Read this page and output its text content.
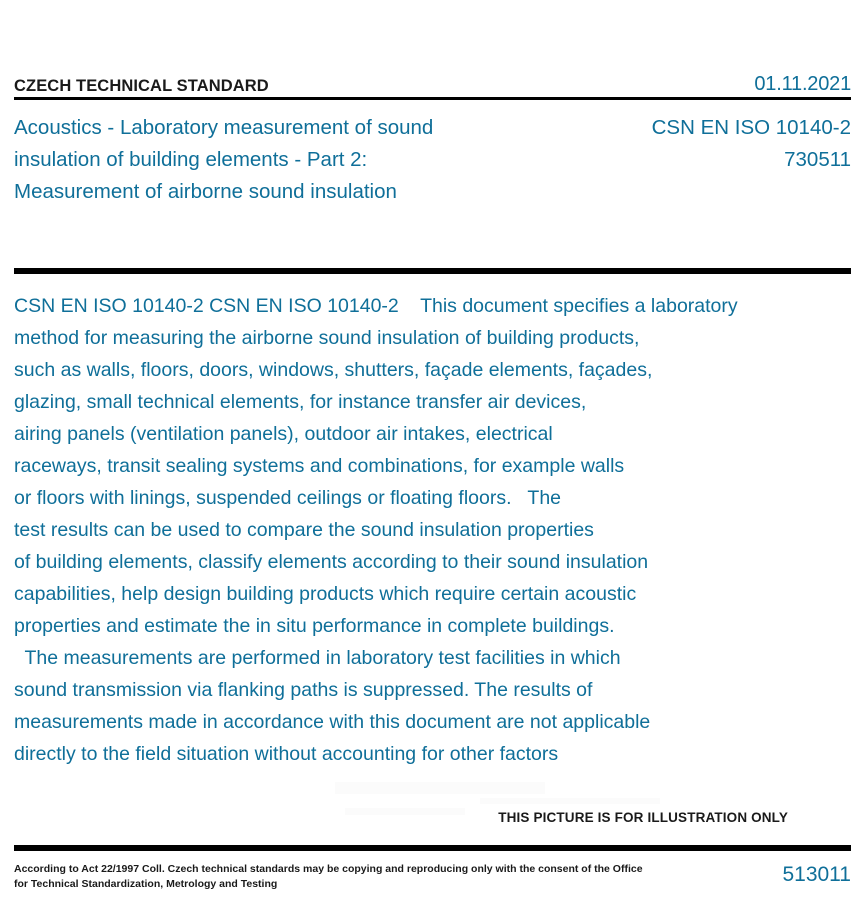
CZECH TECHNICAL STANDARD	01.11.2021
Acoustics - Laboratory measurement of sound
insulation of building elements - Part 2:
Measurement of airborne sound insulation
CSN EN ISO 10140-2
730511
CSN EN ISO 10140-2 CSN EN ISO 10140-2    This document specifies a laboratory
method for measuring the airborne sound insulation of building products,
such as walls, floors, doors, windows, shutters, façade elements, façades,
glazing, small technical elements, for instance transfer air devices,
airing panels (ventilation panels), outdoor air intakes, electrical
raceways, transit sealing systems and combinations, for example walls
or floors with linings, suspended ceilings or floating floors.   The
test results can be used to compare the sound insulation properties
of building elements, classify elements according to their sound insulation
capabilities, help design building products which require certain acoustic
properties and estimate the in situ performance in complete buildings.
The measurements are performed in laboratory test facilities in which
sound transmission via flanking paths is suppressed. The results of
measurements made in accordance with this document are not applicable
directly to the field situation without accounting for other factors
THIS PICTURE IS FOR ILLUSTRATION ONLY
According to Act 22/1997 Coll. Czech technical standards may be copying and reproducing only with the consent of the Office
for Technical Standardization, Metrology and Testing	513011
